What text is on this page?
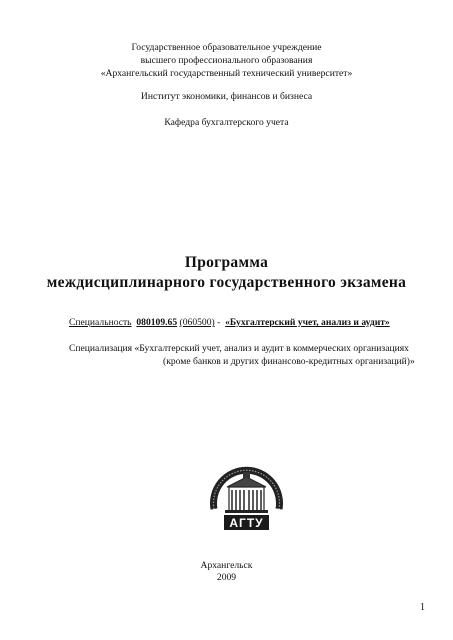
Государственное образовательное учреждение
высшего профессионального образования
«Архангельский государственный технический университет»
Институт экономики, финансов и бизнеса
Кафедра бухгалтерского учета
Программа
междисциплинарного государственного экзамена
Специальность 080109.65 (060500) - «Бухгалтерский учет, анализ и аудит»
Специализация «Бухгалтерский учет, анализ и аудит в коммерческих организациях
(кроме банков и других финансово-кредитных организаций)»
АГТУ
Архангельск
2009
1
